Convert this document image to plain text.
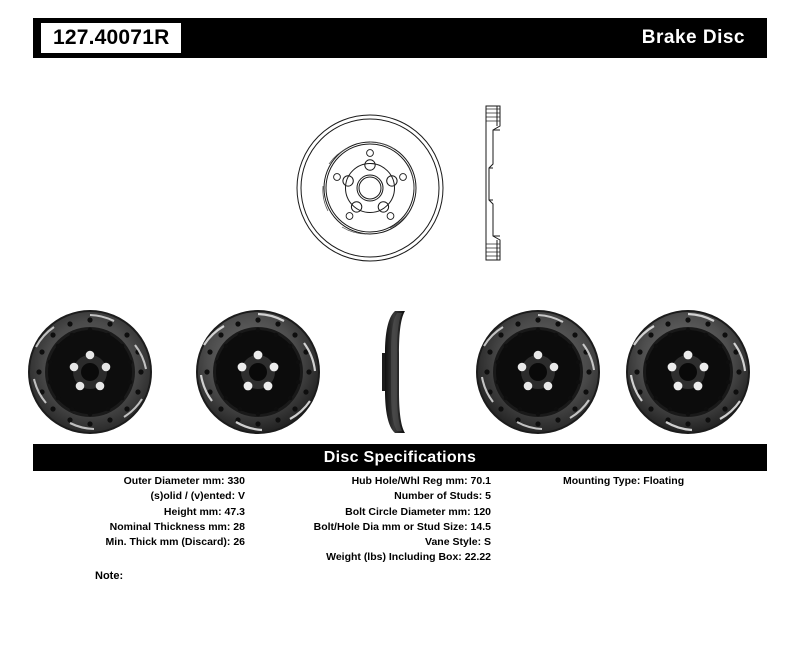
127.40071R	Brake Disc
Disc Specifications
Outer Diameter mm: 330
(s)olid / (v)ented: V
Height mm: 47.3
Nominal Thickness mm: 28
Min. Thick mm (Discard): 26
Hub Hole/Whl Reg mm: 70.1
Number of Studs: 5
Bolt Circle Diameter mm: 120
Bolt/Hole Dia mm or Stud Size: 14.5
Vane Style: S
Weight (lbs) Including Box: 22.22
Mounting Type: Floating
Note:
